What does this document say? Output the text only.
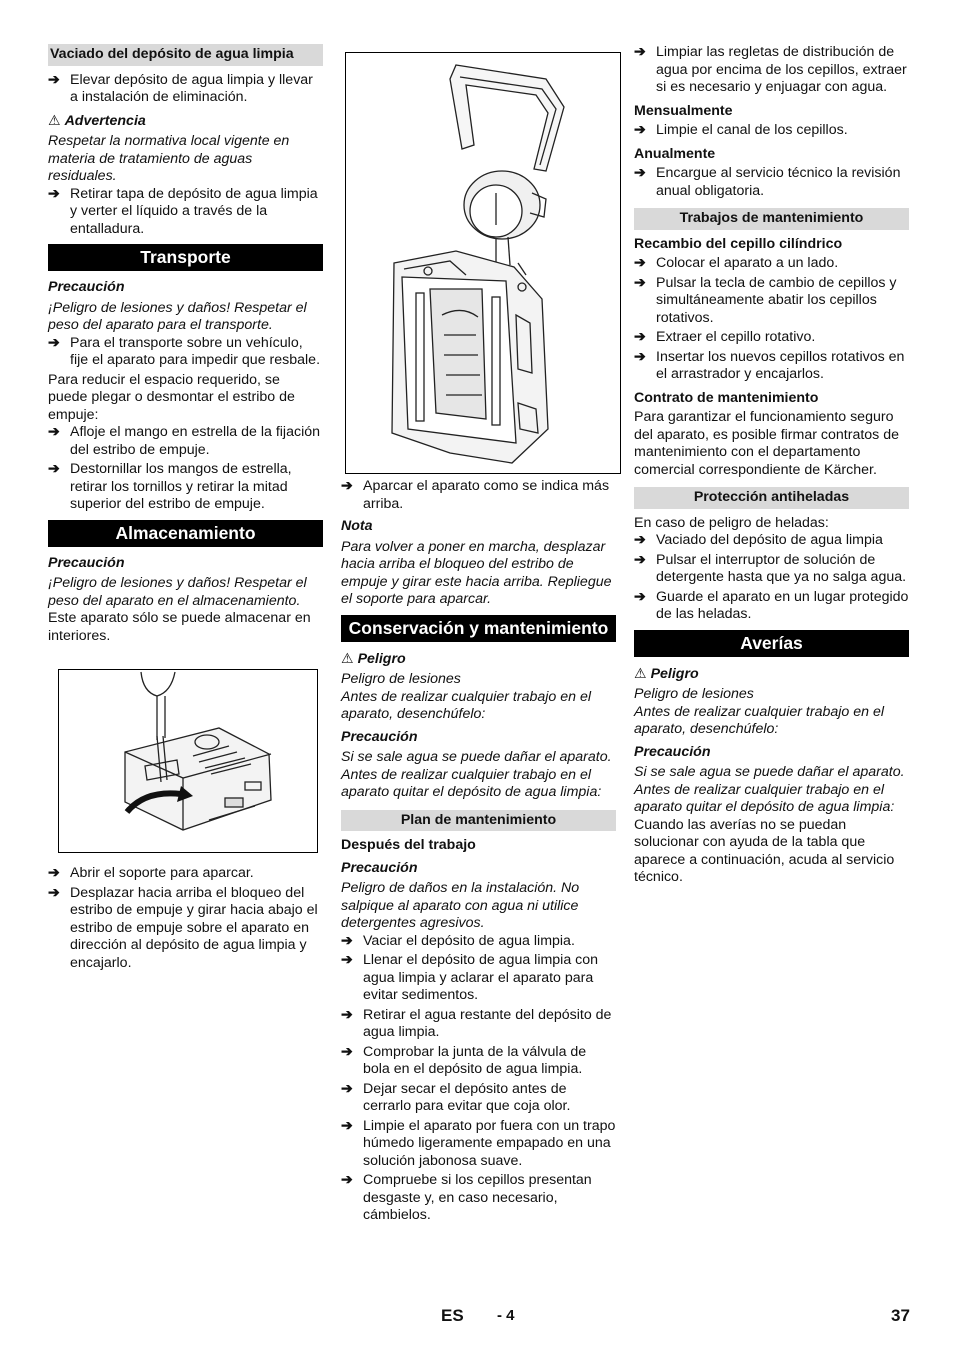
Vaciado del depósito de agua limpia
➔ Elevar depósito de agua limpia y llevar a instalación de eliminación.
⚠ Advertencia

Respetar la normativa local vigente en materia de tratamiento de aguas residuales.

➔ Retirar tapa de depósito de agua limpia y verter el líquido a través de la entalladura.
Transporte
Precaución

¡Peligro de lesiones y daños! Respetar el peso del aparato para el transporte.

➔ Para el transporte sobre un vehículo, fije el aparato para impedir que resbale.

Para reducir el espacio requerido, se puede plegar o desmontar el estribo de empuje:

➔ Afloje el mango en estrella de la fijación del estribo de empuje.
➔ Destornillar los mangos de estrella, retirar los tornillos y retirar la mitad superior del estribo de empuje.
Almacenamiento
Precaución

¡Peligro de lesiones y daños! Respetar el peso del aparato en el almacenamiento.

Este aparato sólo se puede almacenar en interiores.

➔ Abrir el soporte para aparcar.
➔ Desplazar hacia arriba el bloqueo del estribo de empuje y girar hacia abajo el estribo de empuje sobre el aparato en dirección al depósito de agua limpia y encajarlo.
➔ Aparcar el aparato como se indica más arriba.
Nota

Para volver a poner en marcha, desplazar hacia arriba el bloqueo del estribo de empuje y girar este hacia arriba. Repliegue el soporte para aparcar.

Conservación y mantenimiento
⚠ Peligro

Peligro de lesiones

Antes de realizar cualquier trabajo en el aparato, desenchúfelo:

Precaución

Si se sale agua se puede dañar el aparato. Antes de realizar cualquier trabajo en el aparato quitar el depósito de agua limpia:

Plan de mantenimiento
Después del trabajo
Precaución

Peligro de daños en la instalación. No salpique al aparato con agua ni utilice detergentes agresivos.

➔ Vaciar el depósito de agua limpia.
➔ Llenar el depósito de agua limpia con agua limpia y aclarar el aparato para evitar sedimentos.
➔ Retirar el agua restante del depósito de agua limpia.
➔ Comprobar la junta de la válvula de bola en el depósito de agua limpia.
➔ Dejar secar el depósito antes de cerrarlo para evitar que coja olor.
➔ Limpie el aparato por fuera con un trapo húmedo ligeramente empapado en una solución jabonosa suave.
➔ Compruebe si los cepillos presentan desgaste y, en caso necesario, cámbielos.
➔ Limpiar las regletas de distribución de agua por encima de los cepillos, extraer si es necesario y enjuagar con agua.
Mensualmente
➔ Limpie el canal de los cepillos.
Anualmente
➔ Encargue al servicio técnico la revisión anual obligatoria.
Trabajos de mantenimiento
Recambio del cepillo cilíndrico
➔ Colocar el aparato a un lado.
➔ Pulsar la tecla de cambio de cepillos y simultáneamente abatir los cepillos rotativos.
➔ Extraer el cepillo rotativo.
➔ Insertar los nuevos cepillos rotativos en el arrastrador y encajarlos.
Contrato de mantenimiento

Para garantizar el funcionamiento seguro del aparato, es posible firmar contratos de mantenimiento con el departamento comercial correspondiente de Kärcher.

Protección antiheladas

En caso de peligro de heladas:

➔ Vaciado del depósito de agua limpia
➔ Pulsar el interruptor de solución de detergente hasta que ya no salga agua.
➔ Guarde el aparato en un lugar protegido de las heladas.
Averías
⚠ Peligro

Peligro de lesiones

Antes de realizar cualquier trabajo en el aparato, desenchúfelo:

Precaución

Si se sale agua se puede dañar el aparato. Antes de realizar cualquier trabajo en el aparato quitar el depósito de agua limpia:

Cuando las averías no se puedan solucionar con ayuda de la tabla que aparece a continuación, acuda al servicio técnico.

ES - 4	37
